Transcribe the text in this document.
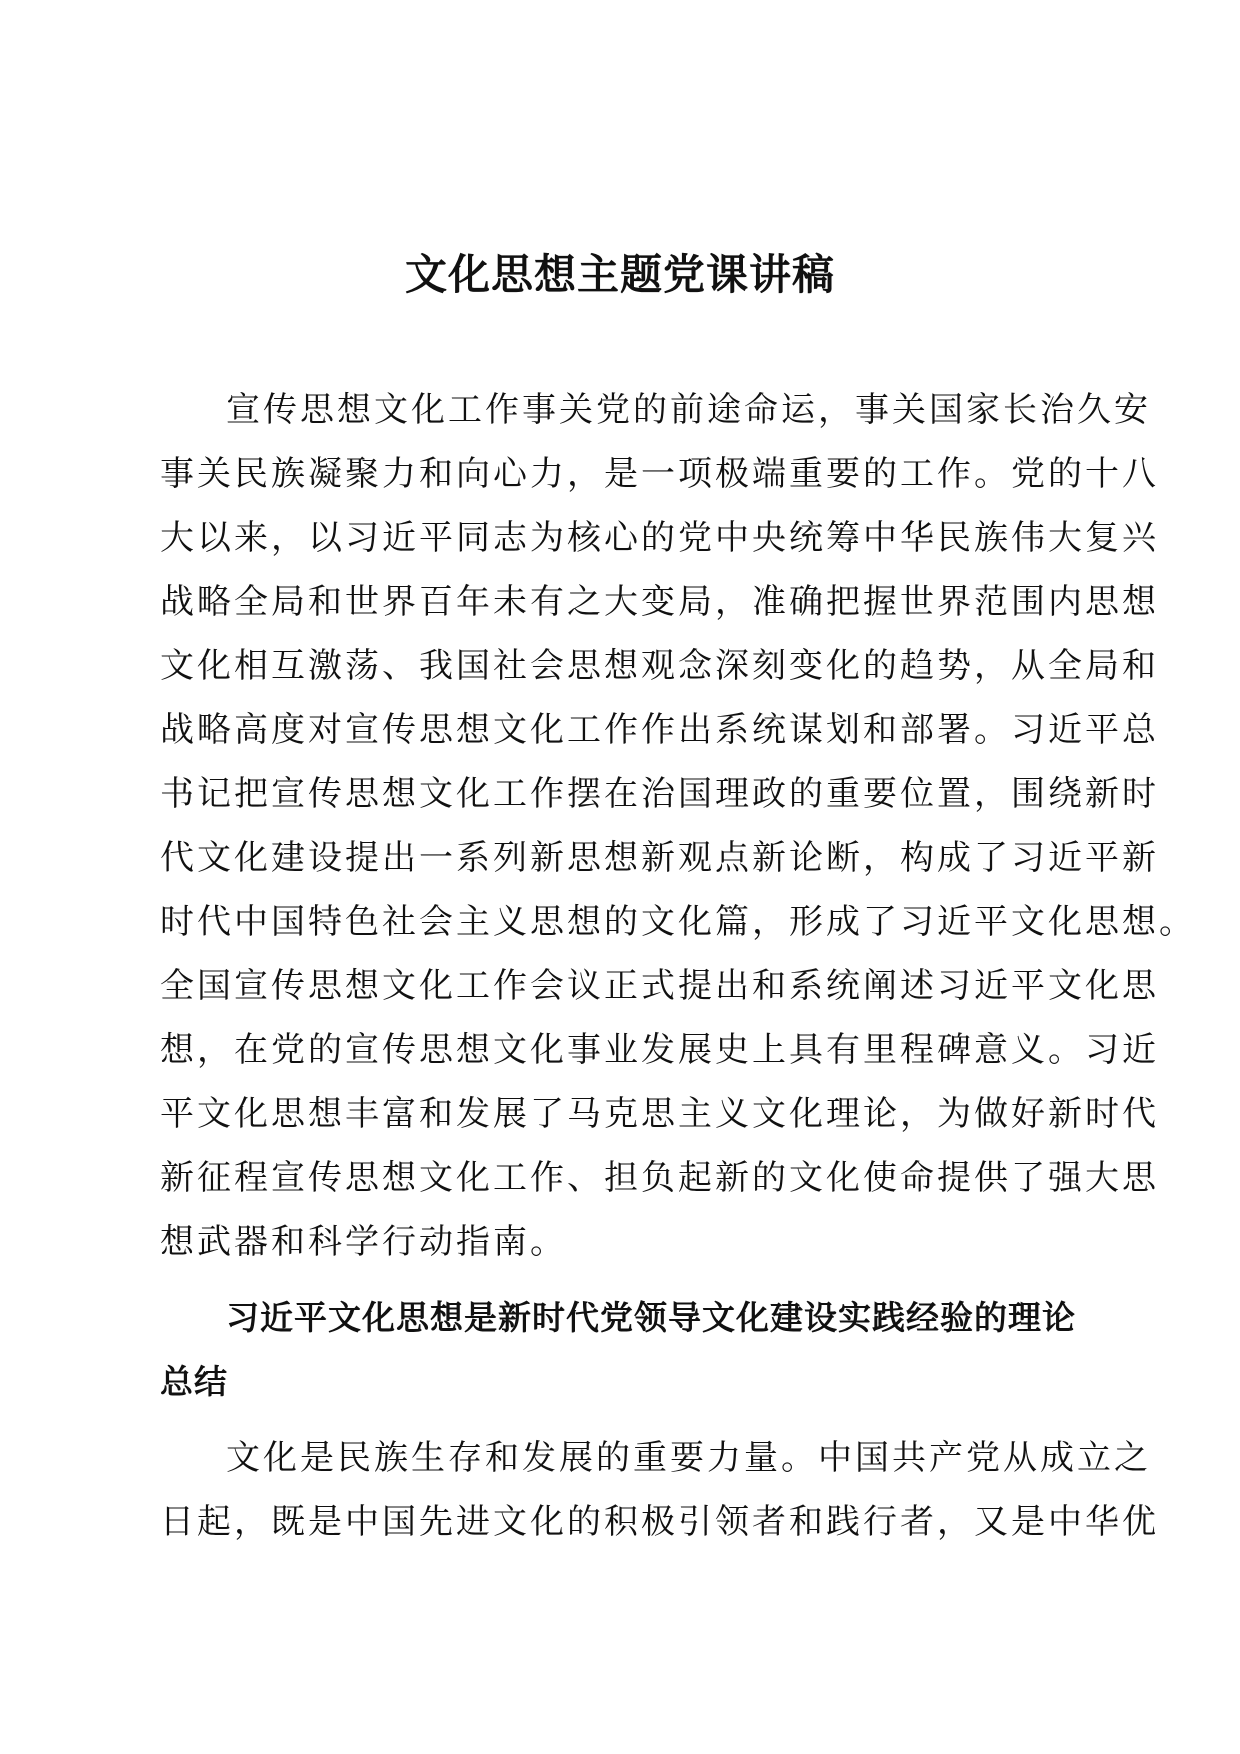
文化思想主题党课讲稿
宣传思想文化工作事关党的前途命运，事关国家长治久安
事关民族凝聚力和向心力，是一项极端重要的工作。党的十八
大以来，以习近平同志为核心的党中央统筹中华民族伟大复兴
战略全局和世界百年未有之大变局，准确把握世界范围内思想
文化相互激荡、我国社会思想观念深刻变化的趋势，从全局和
战略高度对宣传思想文化工作作出系统谋划和部署。习近平总
书记把宣传思想文化工作摆在治国理政的重要位置，围绕新时
代文化建设提出一系列新思想新观点新论断，构成了习近平新
时代中国特色社会主义思想的文化篇，形成了习近平文化思想。
全国宣传思想文化工作会议正式提出和系统阐述习近平文化思
想，在党的宣传思想文化事业发展史上具有里程碑意义。习近
平文化思想丰富和发展了马克思主义文化理论，为做好新时代
新征程宣传思想文化工作、担负起新的文化使命提供了强大思
想武器和科学行动指南。
习近平文化思想是新时代党领导文化建设实践经验的理论
总结
文化是民族生存和发展的重要力量。中国共产党从成立之
日起，既是中国先进文化的积极引领者和践行者，又是中华优
